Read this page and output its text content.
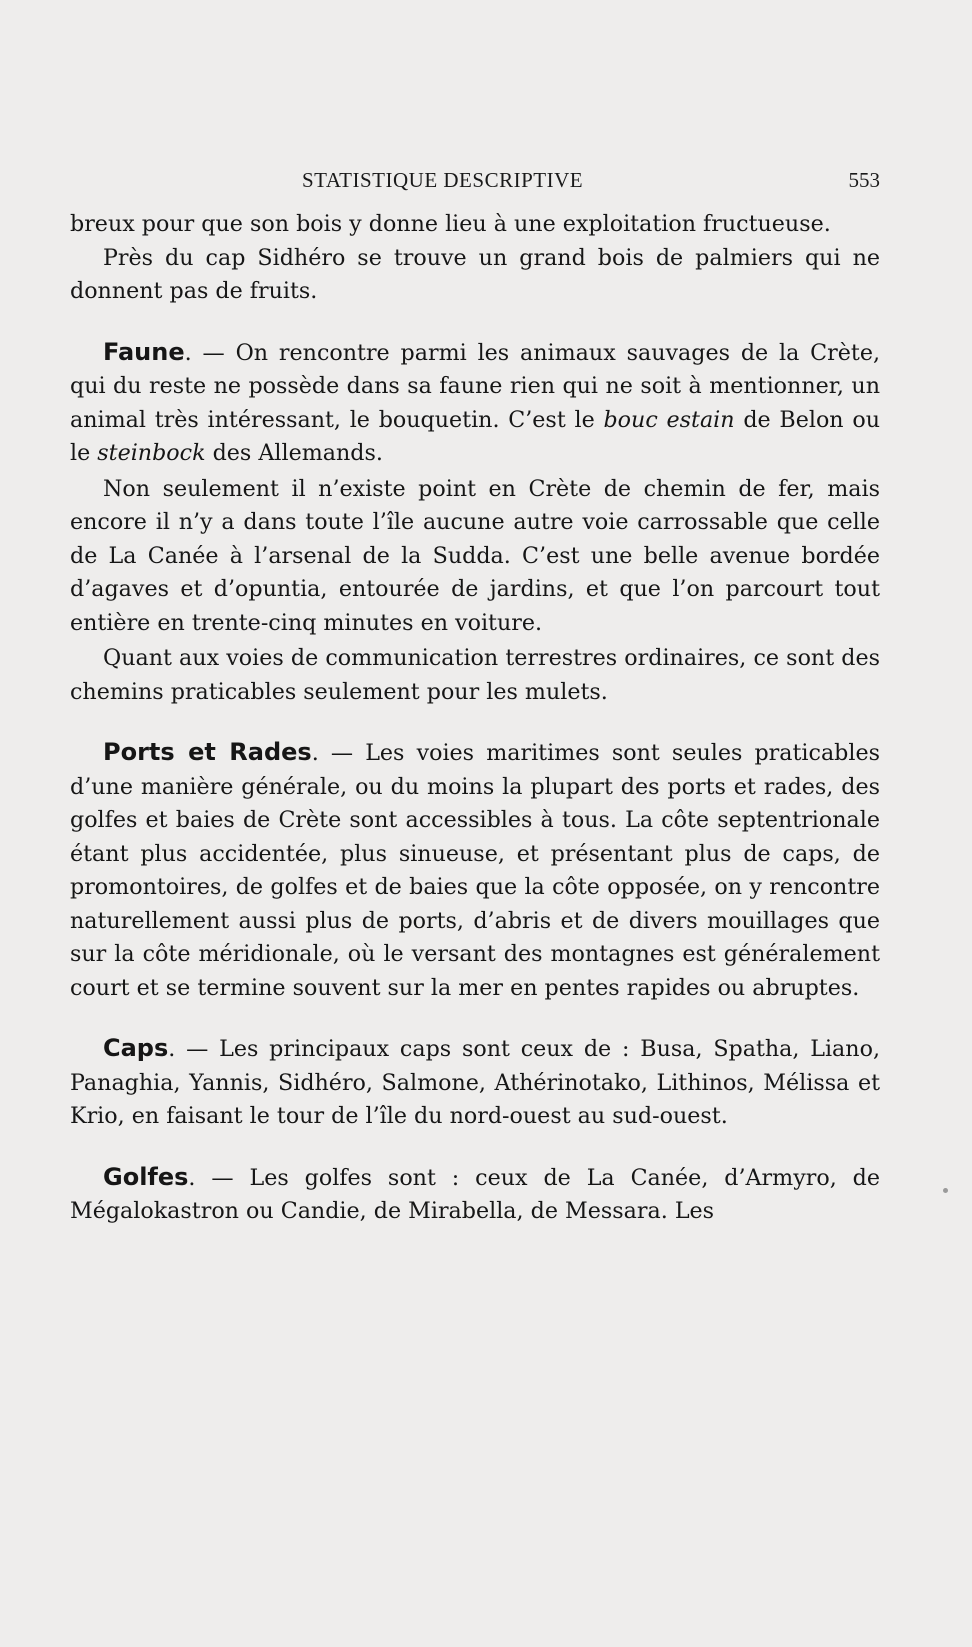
STATISTIQUE DESCRIPTIVE	553

breux pour que son bois y donne lieu à une exploitation fructueuse.

Près du cap Sidhéro se trouve un grand bois de palmiers qui ne donnent pas de fruits.

Faune. — On rencontre parmi les animaux sauvages de la Crète, qui du reste ne possède dans sa faune rien qui ne soit à mentionner, un animal très intéressant, le bouquetin. C’est le bouc estain de Belon ou le steinbock des Allemands.

Non seulement il n’existe point en Crète de chemin de fer, mais encore il n’y a dans toute l’île aucune autre voie carrossable que celle de La Canée à l’arsenal de la Sudda. C’est une belle avenue bordée d’agaves et d’opuntia, entourée de jardins, et que l’on parcourt tout entière en trente-cinq minutes en voiture.

Quant aux voies de communication terrestres ordinaires, ce sont des chemins praticables seulement pour les mulets.

Ports et Rades. — Les voies maritimes sont seules praticables d’une manière générale, ou du moins la plupart des ports et rades, des golfes et baies de Crète sont accessibles à tous. La côte septentrionale étant plus accidentée, plus sinueuse, et présentant plus de caps, de promontoires, de golfes et de baies que la côte opposée, on y rencontre naturellement aussi plus de ports, d’abris et de divers mouillages que sur la côte méridionale, où le versant des montagnes est généralement court et se termine souvent sur la mer en pentes rapides ou abruptes.

Caps. — Les principaux caps sont ceux de : Busa, Spatha, Liano, Panaghia, Yannis, Sidhéro, Salmone, Athérinotako, Lithinos, Mélissa et Krio, en faisant le tour de l’île du nord-ouest au sud-ouest.

Golfes. — Les golfes sont : ceux de La Canée, d’Armyro, de Mégalokastron ou Candie, de Mirabella, de Messara. Les
